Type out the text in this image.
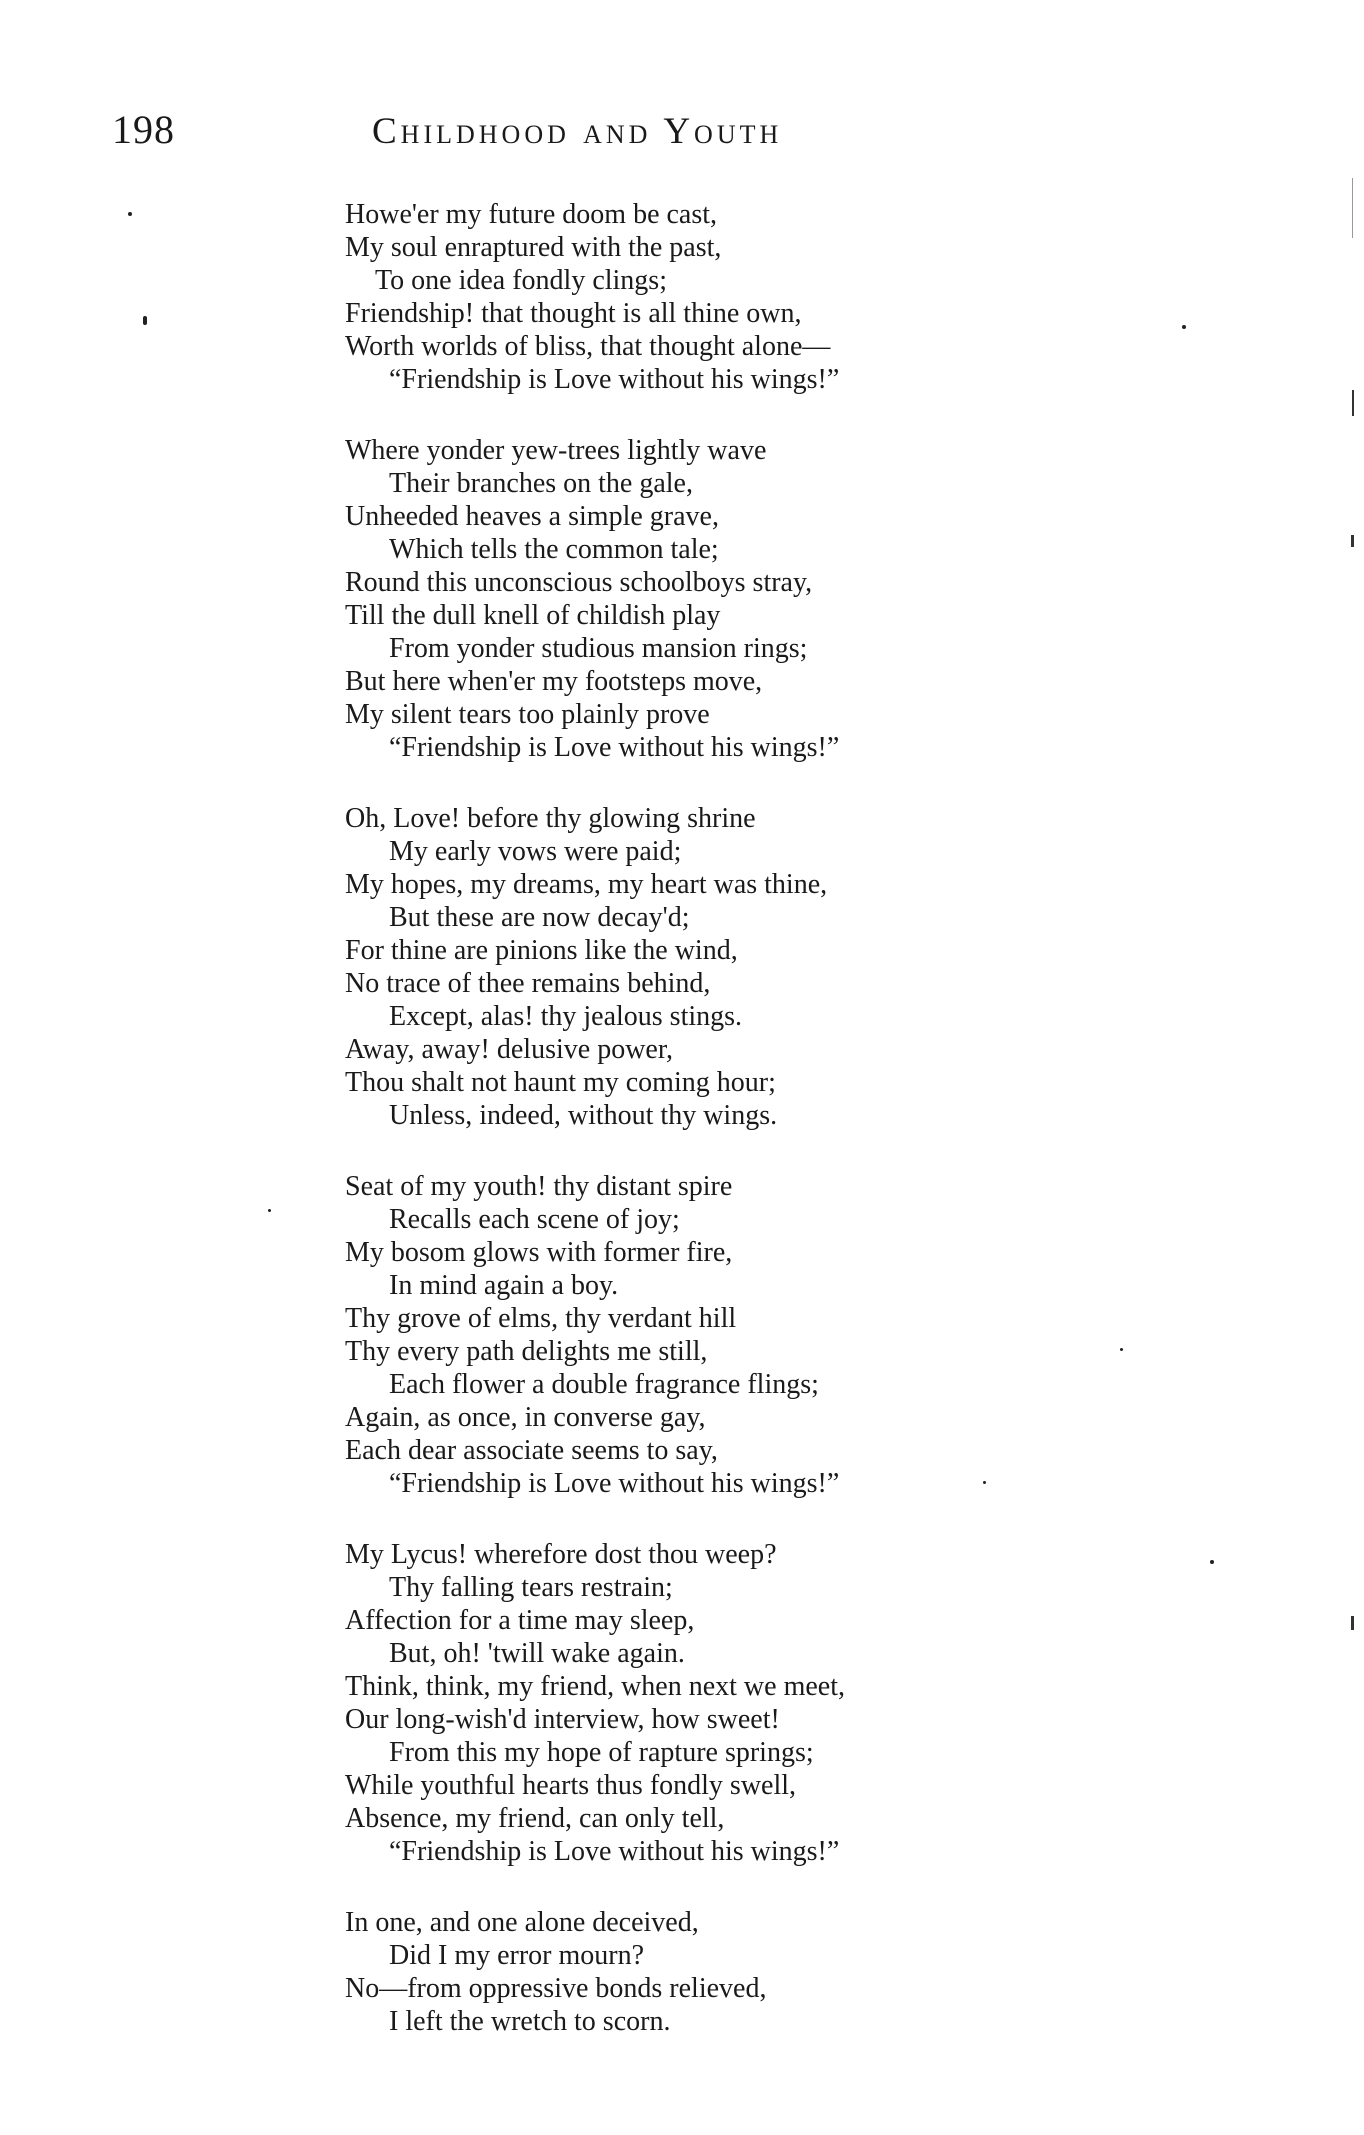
198	Childhood and Youth
Howe'er my future doom be cast,
My soul enraptured with the past,
To one idea fondly clings;
Friendship! that thought is all thine own,
Worth worlds of bliss, that thought alone—
“Friendship is Love without his wings!”
Where yonder yew-trees lightly wave
Their branches on the gale,
Unheeded heaves a simple grave,
Which tells the common tale;
Round this unconscious schoolboys stray,
Till the dull knell of childish play
From yonder studious mansion rings;
But here when'er my footsteps move,
My silent tears too plainly prove
“Friendship is Love without his wings!”
Oh, Love! before thy glowing shrine
My early vows were paid;
My hopes, my dreams, my heart was thine,
But these are now decay'd;
For thine are pinions like the wind,
No trace of thee remains behind,
Except, alas! thy jealous stings.
Away, away! delusive power,
Thou shalt not haunt my coming hour;
Unless, indeed, without thy wings.
Seat of my youth! thy distant spire
Recalls each scene of joy;
My bosom glows with former fire,
In mind again a boy.
Thy grove of elms, thy verdant hill
Thy every path delights me still,
Each flower a double fragrance flings;
Again, as once, in converse gay,
Each dear associate seems to say,
“Friendship is Love without his wings!”
My Lycus! wherefore dost thou weep?
Thy falling tears restrain;
Affection for a time may sleep,
But, oh! 'twill wake again.
Think, think, my friend, when next we meet,
Our long-wish'd interview, how sweet!
From this my hope of rapture springs;
While youthful hearts thus fondly swell,
Absence, my friend, can only tell,
“Friendship is Love without his wings!”
In one, and one alone deceived,
Did I my error mourn?
No—from oppressive bonds relieved,
I left the wretch to scorn.
